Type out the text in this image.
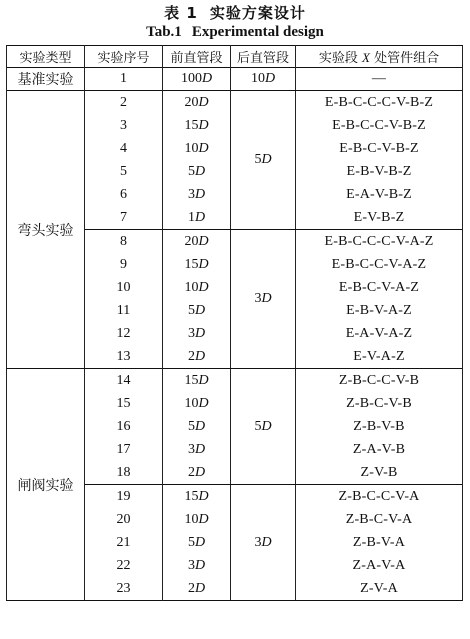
表 1 实验方案设计
Tab.1 Experimental design
实验类型	实验序号	前直管段	后直管段	实验段 X 处管件组合
基准实验	1	100D	10D	—
弯头实验	2	20D	5D	E-B-C-C-C-V-B-Z
	3	15D		E-B-C-C-V-B-Z
	4	10D		E-B-C-V-B-Z
	5	5D		E-B-V-B-Z
	6	3D		E-A-V-B-Z
	7	1D		E-V-B-Z
	8	20D	3D	E-B-C-C-C-V-A-Z
	9	15D		E-B-C-C-V-A-Z
	10	10D		E-B-C-V-A-Z
	11	5D		E-B-V-A-Z
	12	3D		E-A-V-A-Z
	13	2D		E-V-A-Z
闸阀实验	14	15D	5D	Z-B-C-C-V-B
	15	10D		Z-B-C-V-B
	16	5D		Z-B-V-B
	17	3D		Z-A-V-B
	18	2D		Z-V-B
	19	15D	3D	Z-B-C-C-V-A
	20	10D		Z-B-C-V-A
	21	5D		Z-B-V-A
	22	3D		Z-A-V-A
	23	2D		Z-V-A
